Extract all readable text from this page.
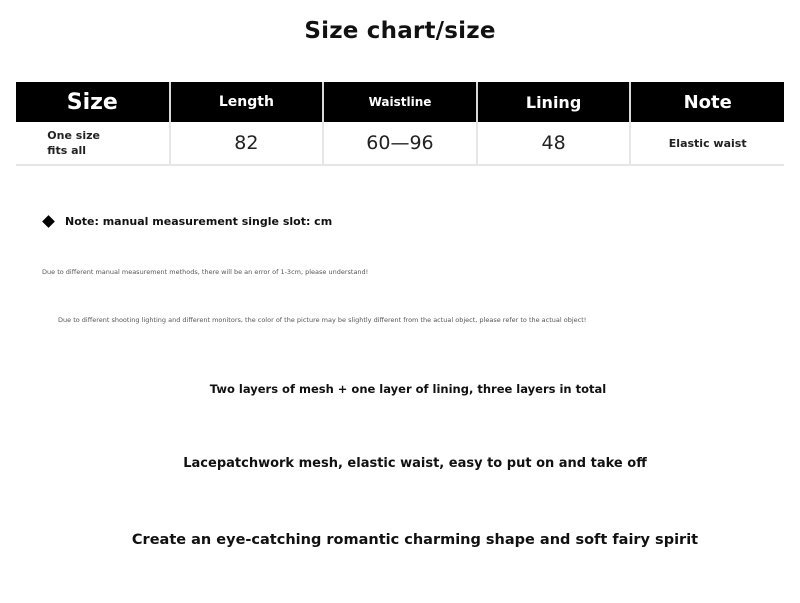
Size chart/size
Size	Length	Waistline	Lining	Note
One size
fits all	82	60—96	48	Elastic waist
Note: manual measurement single slot: cm
Due to different manual measurement methods, there will be an error of 1-3cm, please understand!
Due to different shooting lighting and different monitors, the color of the picture may be slightly different from the actual object, please refer to the actual object!
Two layers of mesh + one layer of lining, three layers in total
Lacepatchwork mesh, elastic waist, easy to put on and take off
Create an eye-catching romantic charming shape and soft fairy spirit
